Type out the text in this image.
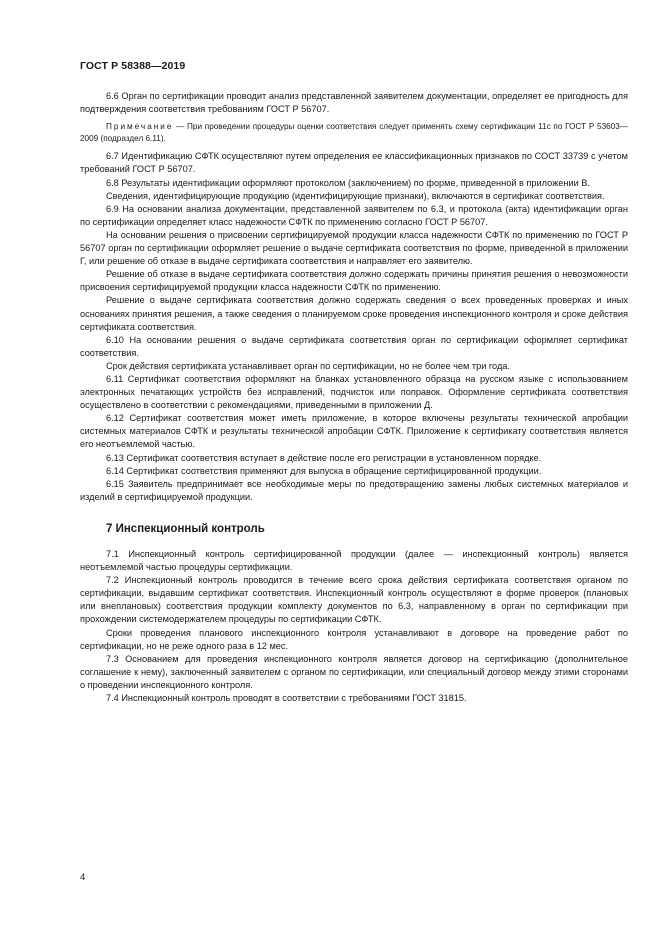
ГОСТ Р 58388—2019

6.6 Орган по сертификации проводит анализ представленной заявителем документации, определяет ее пригодность для подтверждения соответствия требованиям ГОСТ Р 56707.

Примечание — При проведении процедуры оценки соответствия следует применять схему сертификации 11с по ГОСТ Р 53603—2009 (подраздел 6.11).

6.7 Идентификацию СФТК осуществляют путем определения ее классификационных признаков по СОСТ 33739 с учетом требований ГОСТ Р 56707.

6.8 Результаты идентификации оформляют протоколом (заключением) по форме, приведенной в приложении В.

Сведения, идентифицирующие продукцию (идентифицирующие признаки), включаются в сертификат соответствия.

6.9 На основании анализа документации, представленной заявителем по 6.3, и протокола (акта) идентификации орган по сертификации определяет класс надежности СФТК по применению согласно ГОСТ Р 56707.

На основании решения о присвоении сертифицируемой продукции класса надежности СФТК по применению по ГОСТ Р 56707 орган по сертификации оформляет решение о выдаче сертификата соответствия по форме, приведенной в приложении Г, или решение об отказе в выдаче сертификата соответствия и направляет его заявителю.

Решение об отказе в выдаче сертификата соответствия должно содержать причины принятия решения о невозможности присвоения сертифицируемой продукции класса надежности СФТК по применению.

Решение о выдаче сертификата соответствия должно содержать сведения о всех проведенных проверках и иных основаниях принятия решения, а также сведения о планируемом сроке проведения инспекционного контроля и сроке действия сертификата соответствия.

6.10 На основании решения о выдаче сертификата соответствия орган по сертификации оформляет сертификат соответствия.

Срок действия сертификата устанавливает орган по сертификации, но не более чем три года.

6.11 Сертификат соответствия оформляют на бланках установленного образца на русском языке с использованием электронных печатающих устройств без исправлений, подчисток или поправок. Оформление сертификата соответствия осуществлено в соответствии с рекомендациями, приведенными в приложении Д.

6.12 Сертификат соответствия может иметь приложение, в которое включены результаты технической апробации системных материалов СФТК и результаты технической апробации СФТК. Приложение к сертификату соответствия является его неотъемлемой частью.

6.13 Сертификат соответствия вступает в действие после его регистрации в установленном порядке.

6.14 Сертификат соответствия применяют для выпуска в обращение сертифицированной продукции.

6.15 Заявитель предпринимает все необходимые меры по предотвращению замены любых системных материалов и изделий в сертифицируемой продукции.

7 Инспекционный контроль

7.1 Инспекционный контроль сертифицированной продукции (далее — инспекционный контроль) является неотъемлемой частью процедуры сертификации.

7.2 Инспекционный контроль проводится в течение всего срока действия сертификата соответствия органом по сертификации, выдавшим сертификат соответствия. Инспекционный контроль осуществляют в форме проверок (плановых или внеплановых) соответствия продукции комплекту документов по 6.3, направленному в орган по сертификации при прохождении системодержателем процедуры по сертификации СФТК.

Сроки проведения планового инспекционного контроля устанавливают в договоре на проведение работ по сертификации, но не реже одного раза в 12 мес.

7.3 Основанием для проведения инспекционного контроля является договор на сертификацию (дополнительное соглашение к нему), заключенный заявителем с органом по сертификации, или специальный договор между этими сторонами о проведении инспекционного контроля.

7.4 Инспекционный контроль проводят в соответствии с требованиями ГОСТ 31815.

4
